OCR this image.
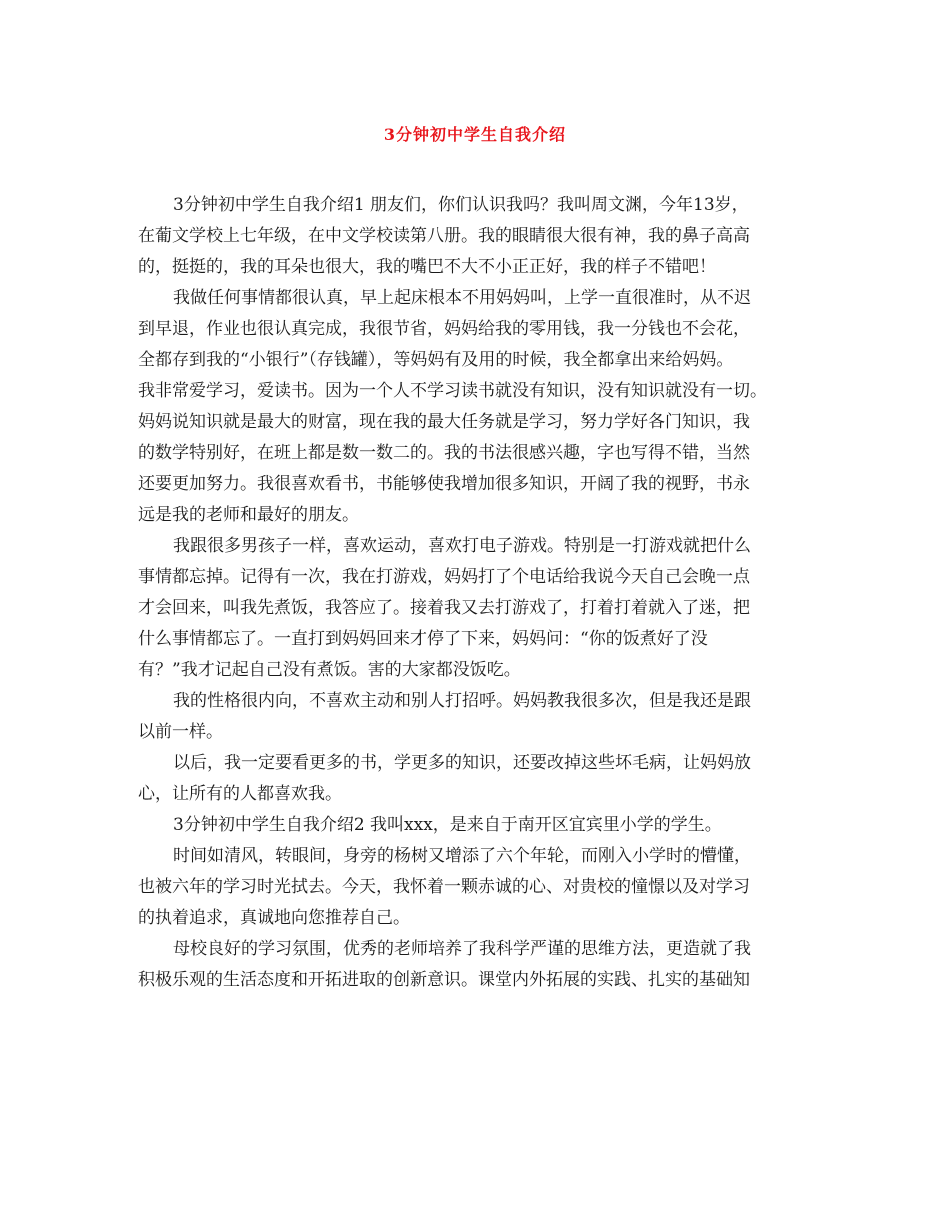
3分钟初中学生自我介绍
3分钟初中学生自我介绍1 朋友们，你们认识我吗？我叫周文渊，今年13岁，
在葡文学校上七年级，在中文学校读第八册。我的眼睛很大很有神，我的鼻子高高
的，挺挺的，我的耳朵也很大，我的嘴巴不大不小正正好，我的样子不错吧！
我做任何事情都很认真，早上起床根本不用妈妈叫，上学一直很准时，从不迟
到早退，作业也很认真完成，我很节省，妈妈给我的零用钱，我一分钱也不会花，
全都存到我的“小银行”（存钱罐），等妈妈有及用的时候，我全都拿出来给妈妈。
我非常爱学习，爱读书。因为一个人不学习读书就没有知识，没有知识就没有一切。
妈妈说知识就是最大的财富，现在我的最大任务就是学习，努力学好各门知识，我
的数学特别好，在班上都是数一数二的。我的书法很感兴趣，字也写得不错，当然
还要更加努力。我很喜欢看书，书能够使我增加很多知识，开阔了我的视野，书永
远是我的老师和最好的朋友。
我跟很多男孩子一样，喜欢运动，喜欢打电子游戏。特别是一打游戏就把什么
事情都忘掉。记得有一次，我在打游戏，妈妈打了个电话给我说今天自己会晚一点
才会回来，叫我先煮饭，我答应了。接着我又去打游戏了，打着打着就入了迷，把
什么事情都忘了。一直打到妈妈回来才停了下来，妈妈问：“你的饭煮好了没
有？”我才记起自己没有煮饭。害的大家都没饭吃。
我的性格很内向，不喜欢主动和别人打招呼。妈妈教我很多次，但是我还是跟
以前一样。
以后，我一定要看更多的书，学更多的知识，还要改掉这些坏毛病，让妈妈放
心，让所有的人都喜欢我。
3分钟初中学生自我介绍2 我叫xxx，是来自于南开区宜宾里小学的学生。
时间如清风，转眼间，身旁的杨树又增添了六个年轮，而刚入小学时的懵懂，
也被六年的学习时光拭去。今天，我怀着一颗赤诚的心、对贵校的憧憬以及对学习
的执着追求，真诚地向您推荐自己。
母校良好的学习氛围，优秀的老师培养了我科学严谨的思维方法，更造就了我
积极乐观的生活态度和开拓进取的创新意识。课堂内外拓展的实践、扎实的基础知
